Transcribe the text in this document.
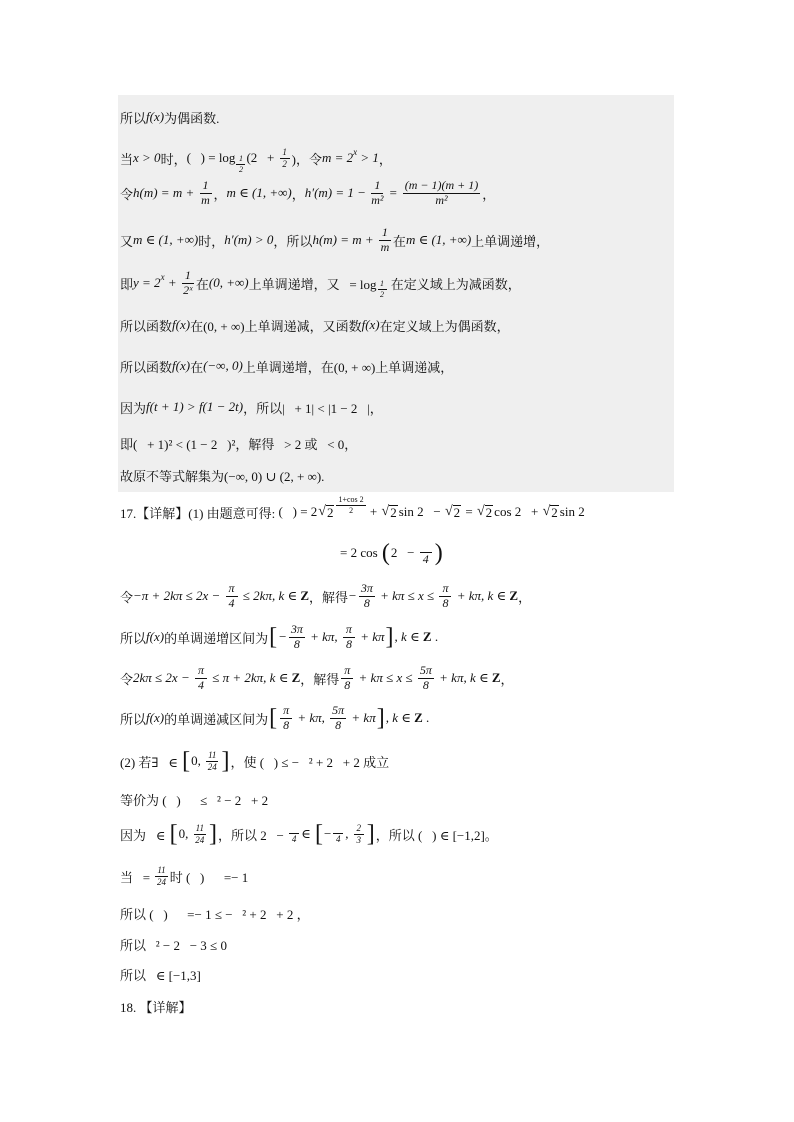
所以 f(x) 为偶函数.
当 x > 0 时， (   ) = $\log \frac{1}{2} (2 + \frac{1}{2}$ )，令 m = 2 x > 1 ，
令 $h(m) = m + \frac{1}{m}$ ， m ∈ (1, +∞) ， $h'(m) = 1 - \frac{1}{\text{m²}} = \frac{(m - 1)(m + 1)}{\text{m²}}$ ，
又 m ∈ (1, +∞) 时， h′(m) > 0 ，所以 $h(m) = m + \frac{1}{m}$ 在 m ∈ (1, +∞) 上单调递增，
即 y = 2 $x + \frac{1}{\text{2ˣ}}$ 在 (0, +∞) 上单调递增，又   = $\log \frac{1}{2}$ 在定义域上为减函数，
所以函数 f(x) 在(0, + ∞)上单调递减，又函数 f(x) 在定义域上为偶函数，
所以函数 f(x) 在 (−∞, 0) 上单调递增，在(0, + ∞)上单调递减，
因为 f(t + 1) > f(1 − 2t) ，所以|   + 1| < |1 − 2   |，
即(   + 1)² < (1 − 2   )²，解得   > 2 或   < 0，
故原不等式解集为(−∞, 0) ∪ (2, + ∞).
17.【详解】(1) 由题意可得: (   ) = 2 √ $2 \frac{1+\cos 2}{2}$ + √ 2 sin 2   − √ 2 = √ 2 cos 2   + √ 2 sin 2
= 2 cos ( 2   − 4 )
令 $-\pi + 2k\pi \le 2x - \frac{\pi}{4} \le 2k\pi$, k ∈ Z ，解得 − $\frac{3\pi}{8} + k\pi \le x \le \frac{\pi}{8} + k\pi$, k ∈ Z ，
所以 f(x) 的单调递增区间为 [ − $\frac{3\pi}{8} + k\pi$, $\frac{\pi}{8} + k\pi$ ] , k ∈ Z .
令 $2k\pi \le 2x - \frac{\pi}{4} \le \pi + 2k\pi$, k ∈ Z ，解得 $\frac{\pi}{8} + k\pi \le x \le \frac{5\pi}{8} + k\pi$, k ∈ Z ，
所以 f(x) 的单调递减区间为 [ $\frac{\pi}{8} + k\pi$, $\frac{5\pi}{8} + k\pi$ ] , k ∈ Z .
(2) 若∃   ∈ [ 0, $\frac{11}{24}$ ] ，使 (   ) ≤ −   ² + 2   + 2 成立
等价为 (   )      ≤   ² − 2   + 2
因为   ∈ [ 0, $\frac{11}{24}$ ] ，所以 2   − 4 ∈ [ − 4 , $\frac{2}{3}$ ] ，所以 (   ) ∈ [−1,2]。
当   = $\frac{11}{24}$ 时 (   )      =− 1
所以 (   )      =− 1 ≤ −   ² + 2   + 2 ，
所以   ² − 2   − 3 ≤ 0
所以   ∈ [−1,3]
18. 【详解】
